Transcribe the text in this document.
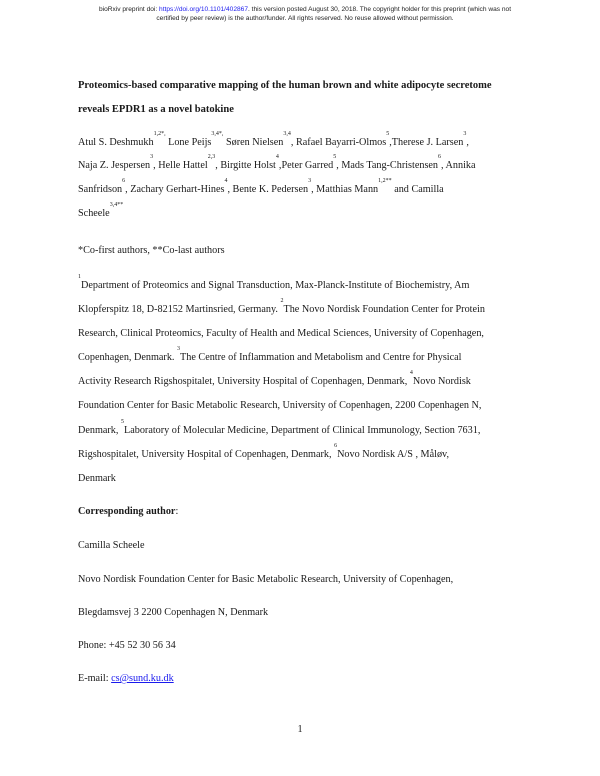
bioRxiv preprint doi: https://doi.org/10.1101/402867. this version posted August 30, 2018. The copyright holder for this preprint (which was not
certified by peer review) is the author/funder. All rights reserved. No reuse allowed without permission.
Proteomics-based comparative mapping of the human brown and white adipocyte secretome
reveals EPDR1 as a novel batokine
Atul S. Deshmukh$^{1,2*,}$ Lone Peijs$^{3,4*,}$ Søren Nielsen$^{3,4}$, Rafael Bayarri-Olmos$^5$,Therese J. Larsen$^3$,
Naja Z. Jespersen$^3$, Helle Hattel$^{2,3}$, Birgitte Holst$^4$,Peter Garred$^5$, Mads Tang-Christensen$^6$, Annika
Sanfridson$^6$, Zachary Gerhart-Hines$^4$, Bente K. Pedersen$^3$, Matthias Mann$^{1,2**}$ and Camilla
Scheele$^{3,4**}$
*Co-first authors, **Co-last authors
$^1$Department of Proteomics and Signal Transduction, Max-Planck-Institute of Biochemistry, Am
Klopferspitz 18, D-82152 Martinsried, Germany. $^2$The Novo Nordisk Foundation Center for Protein
Research, Clinical Proteomics, Faculty of Health and Medical Sciences, University of Copenhagen,
Copenhagen, Denmark. $^3$The Centre of Inflammation and Metabolism and Centre for Physical
Activity Research Rigshospitalet, University Hospital of Copenhagen, Denmark, $^4$Novo Nordisk
Foundation Center for Basic Metabolic Research, University of Copenhagen, 2200 Copenhagen N,
Denmark, $^5$Laboratory of Molecular Medicine, Department of Clinical Immunology, Section 7631,
Rigshospitalet, University Hospital of Copenhagen, Denmark, $^6$Novo Nordisk A/S , Måløv,
Denmark
Corresponding author:
Camilla Scheele
Novo Nordisk Foundation Center for Basic Metabolic Research, University of Copenhagen,
Blegdamsvej 3 2200 Copenhagen N, Denmark
Phone: +45 52 30 56 34
E-mail: cs@sund.ku.dk
1
